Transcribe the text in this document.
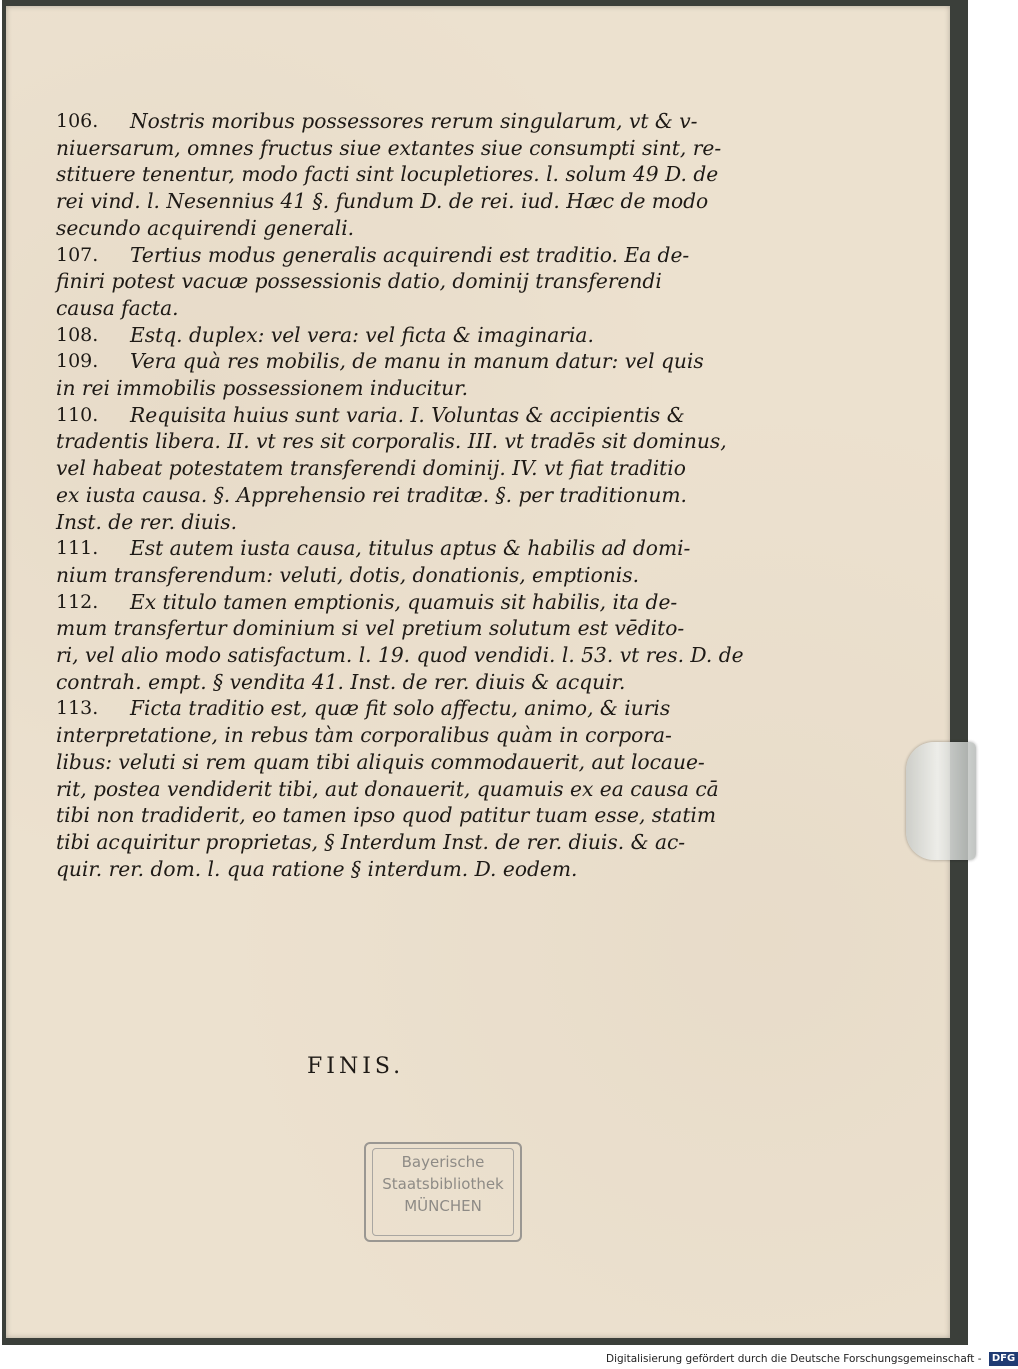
106.	Nostris moribus possessores rerum singularum, vt & v-
niuersarum, omnes fructus siue extantes siue consumpti sint, re-
stituere tenentur, modo facti sint locupletiores. l. solum 49 D. de
rei vind. l. Nesennius 41 §. fundum D. de rei. iud. Hæc de modo
secundo acquirendi generali.
107.	Tertius modus generalis acquirendi est traditio. Ea de-
finiri potest vacuæ possessionis datio, dominij transferendi
causa facta.
108.	Estq. duplex: vel vera: vel ficta & imaginaria.
109.	Vera quà res mobilis, de manu in manum datur: vel quis
in rei immobilis possessionem inducitur.
110.	Requisita huius sunt varia. I. Voluntas & accipientis &
tradentis libera. II. vt res sit corporalis. III. vt tradēs sit dominus,
vel habeat potestatem transferendi dominij. IV. vt fiat traditio
ex iusta causa. §. Apprehensio rei traditæ. §. per traditionum.
Inst. de rer. diuis.
111.	Est autem iusta causa, titulus aptus & habilis ad domi-
nium transferendum: veluti, dotis, donationis, emptionis.
112.	Ex titulo tamen emptionis, quamuis sit habilis, ita de-
mum transfertur dominium si vel pretium solutum est vēdito-
ri, vel alio modo satisfactum. l. 19. quod vendidi. l. 53. vt res. D. de
contrah. empt. § vendita 41. Inst. de rer. diuis & acquir.
113.	Ficta traditio est, quæ fit solo affectu, animo, & iuris
interpretatione, in rebus tàm corporalibus quàm in corpora-
libus: veluti si rem quam tibi aliquis commodauerit, aut locaue-
rit, postea vendiderit tibi, aut donauerit, quamuis ex ea causa cā
tibi non tradiderit, eo tamen ipso quod patitur tuam esse, statim
tibi acquiritur proprietas, § Interdum Inst. de rer. diuis. & ac-
quir. rer. dom. l. qua ratione § interdum. D. eodem.
FINIS.
Bayerische
Staatsbibliothek
MÜNCHEN
Digitalisierung gefördert durch die Deutsche Forschungsgemeinschaft - DFG
